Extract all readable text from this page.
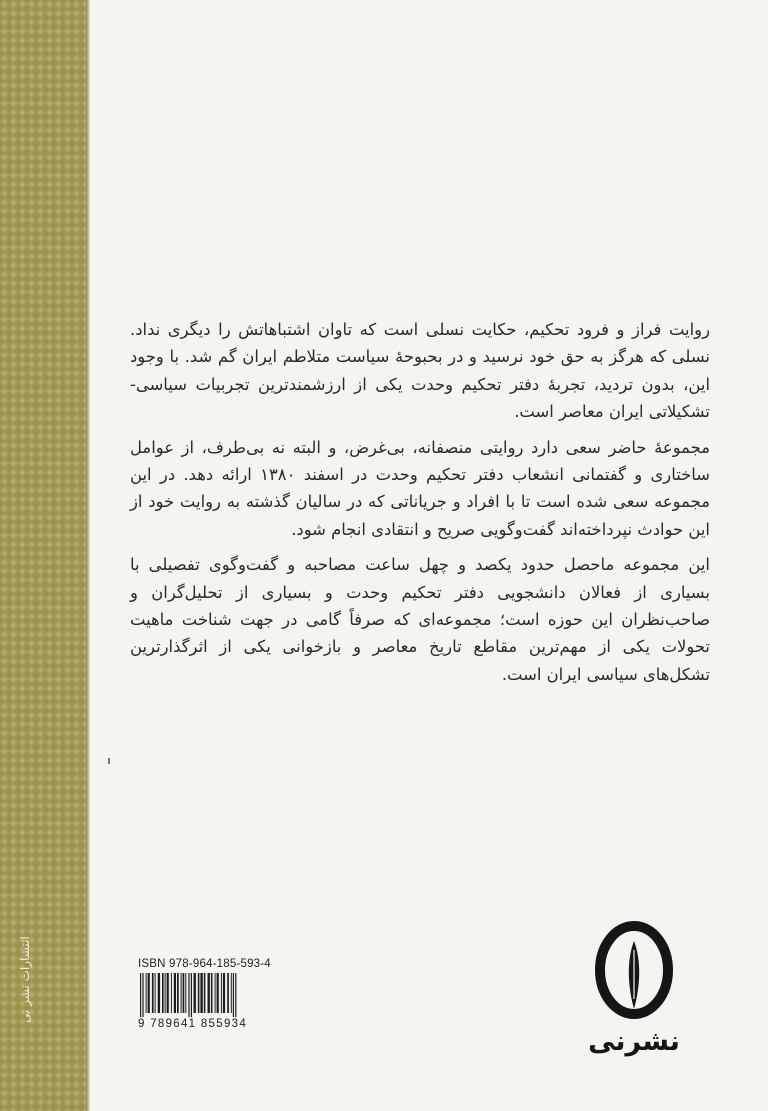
انتشارات نشر نی

روایت فراز و فرود تحکیم، حکایت نسلی است که تاوان اشتباهاتش را دیگری نداد. نسلی که هرگز به حق خود نرسید و در بحبوحهٔ سیاست متلاطم ایران گم شد. با وجود این، بدون تردید، تجربهٔ دفتر تحکیم وحدت یکی از ارزشمندترین تجربیات سیاسی-تشکیلاتی ایران معاصر است.

مجموعهٔ حاضر سعی دارد روایتی منصفانه، بی‌غرض، و البته نه بی‌طرف، از عوامل ساختاری و گفتمانی انشعاب دفتر تحکیم وحدت در اسفند ۱۳۸۰ ارائه دهد. در این مجموعه سعی شده است تا با افراد و جریاناتی که در سالیان گذشته به روایت خود از این حوادث نپرداخته‌اند گفت‌وگویی صریح و انتقادی انجام شود.

این مجموعه ماحصل حدود یکصد و چهل ساعت مصاحبه و گفت‌وگوی تفصیلی با بسیاری از فعالان دانشجویی دفتر تحکیم وحدت و بسیاری از تحلیل‌گران و صاحب‌نظران این حوزه است؛ مجموعه‌ای که صرفاً گامی در جهت شناخت ماهیت تحولات یکی از مهم‌ترین مقاطع تاریخ معاصر و بازخوانی یکی از اثرگذارترین تشکل‌های سیاسی ایران است.

ISBN 978-964-185-593-4
9 789641 855934
نشرنی
